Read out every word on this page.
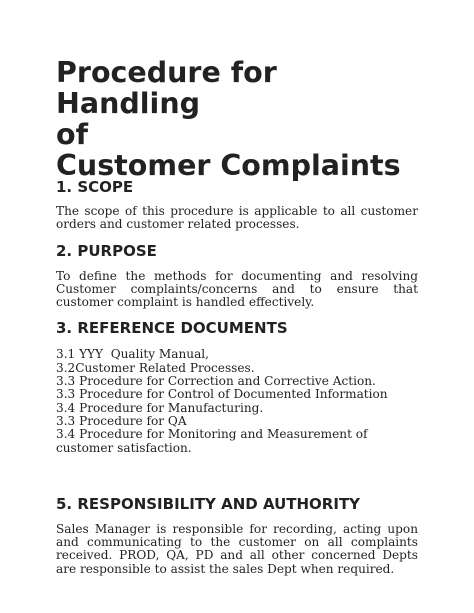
Procedure for Handling
of
Customer Complaints
1. SCOPE

The scope of this procedure is applicable to all customer orders and customer related processes.

2. PURPOSE

To define the methods for documenting and resolving Customer complaints/concerns and to ensure that customer complaint is handled effectively.

3. REFERENCE DOCUMENTS
3.1 YYY  Quality Manual,
3.2Customer Related Processes.
3.3 Procedure for Correction and Corrective Action.
3.3 Procedure for Control of Documented Information
3.4 Procedure for Manufacturing.
3.3 Procedure for QA
3.4 Procedure for Monitoring and Measurement of customer satisfaction.
5. RESPONSIBILITY AND AUTHORITY

Sales Manager is responsible for recording, acting upon and communicating to the customer on all complaints received. PROD, QA, PD and all other concerned Depts are responsible to assist the sales Dept when required.
